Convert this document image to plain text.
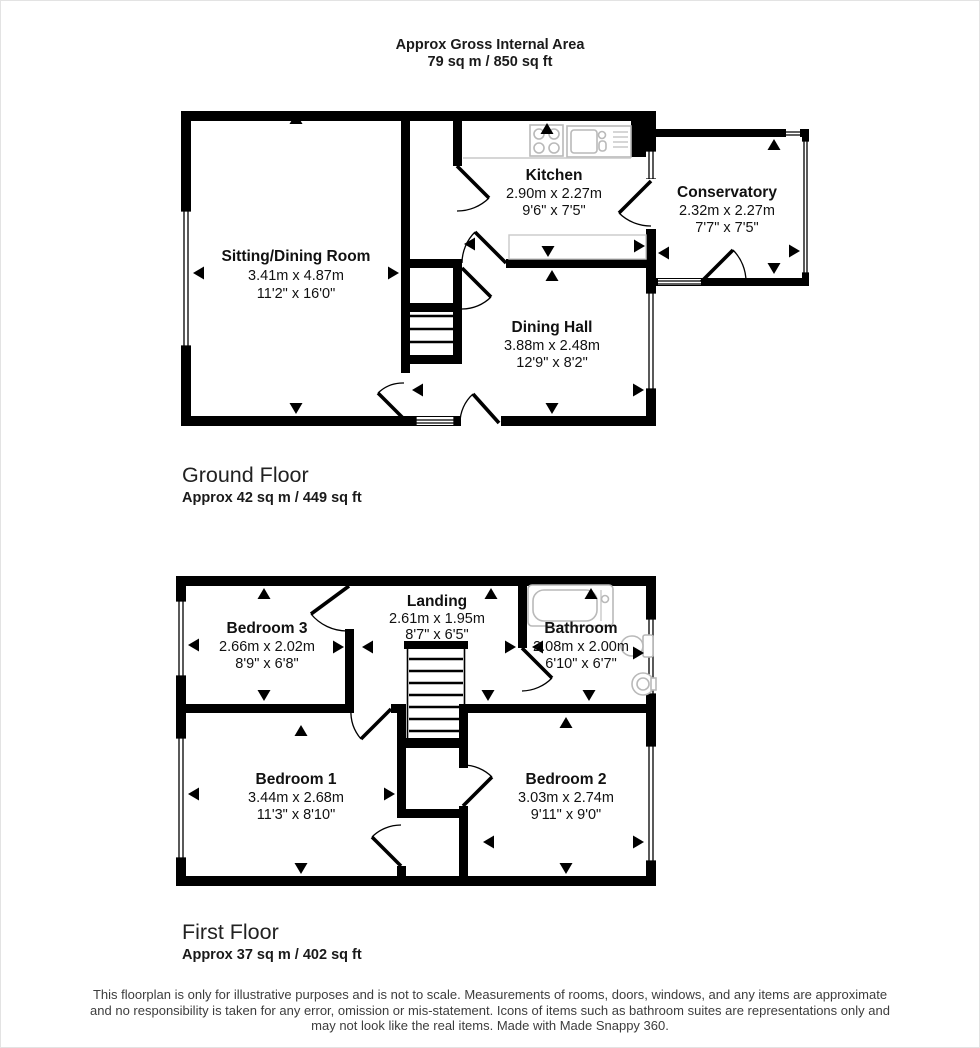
Approx Gross Internal Area
79 sq m / 850 sq ft
Sitting/Dining Room
3.41m x 4.87m
11'2" x 16'0"
Kitchen
2.90m x 2.27m
9'6" x 7'5"
Conservatory
2.32m x 2.27m
7'7" x 7'5"
Dining Hall
3.88m x 2.48m
12'9" x 8'2"
Ground Floor
Approx 42 sq m / 449 sq ft
Bedroom 3
2.66m x 2.02m
8'9" x 6'8"
Landing
2.61m x 1.95m
8'7" x 6'5"	Bathroom
2.08m x 2.00m
6'10" x 6'7"
Bedroom 1
3.44m x 2.68m
11'3" x 8'10"
Bedroom 2
3.03m x 2.74m
9'11" x 9'0"
First Floor
Approx 37 sq m / 402 sq ft
This floorplan is only for illustrative purposes and is not to scale. Measurements of rooms, doors, windows, and any items are approximate
and no responsibility is taken for any error, omission or mis-statement. Icons of items such as bathroom suites are representations only and
may not look like the real items. Made with Made Snappy 360.
